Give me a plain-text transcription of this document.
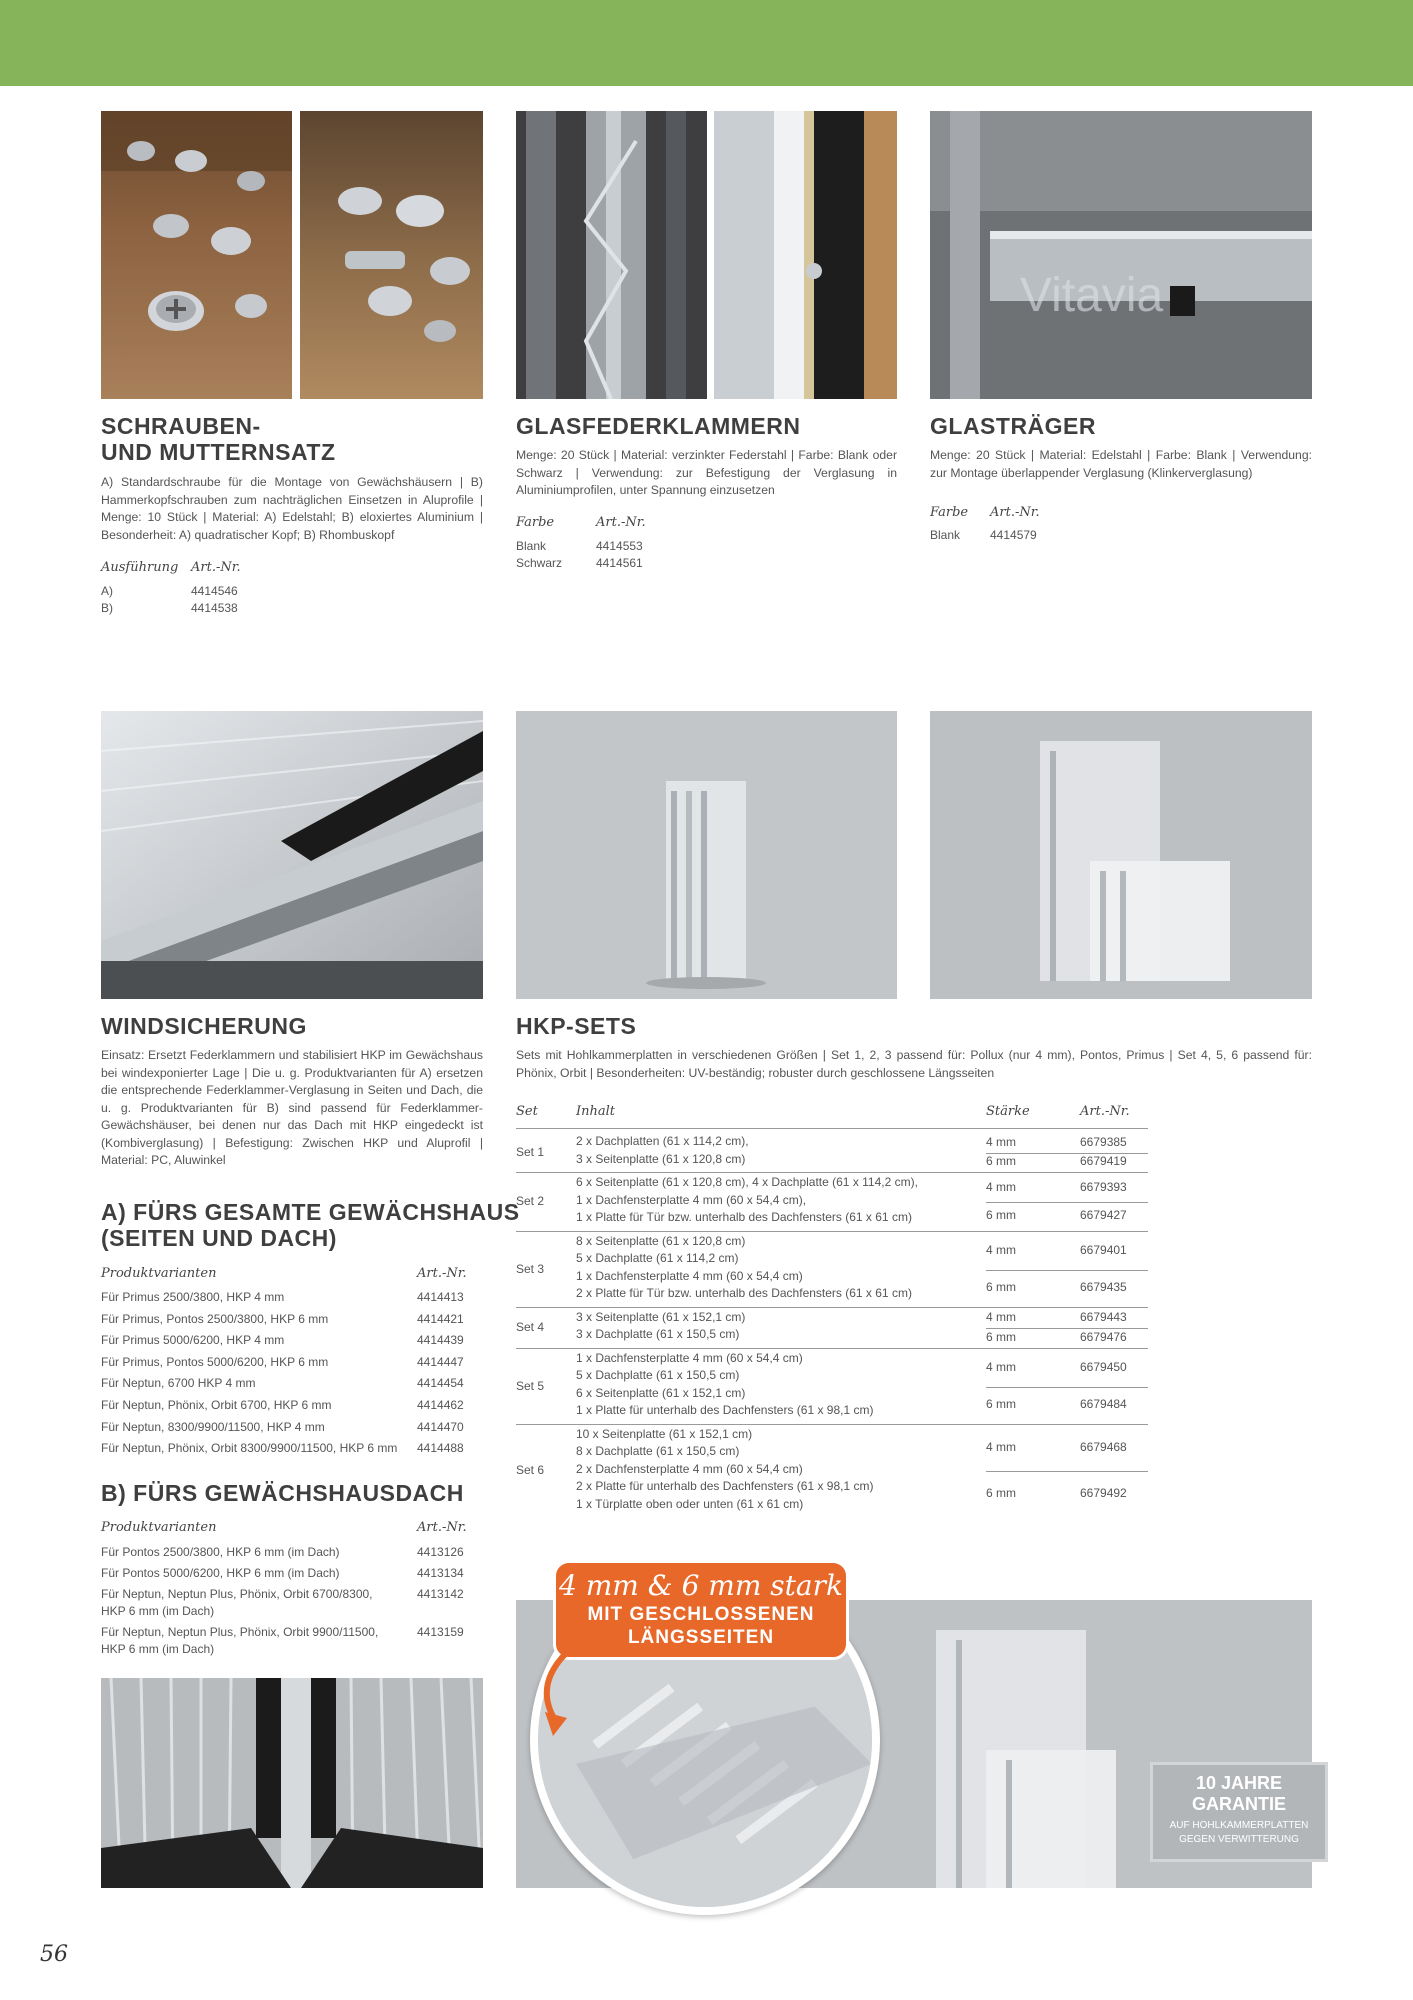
Vitavia
SCHRAUBEN-
UND MUTTERNSATZ

A) Standardschraube für die Montage von Gewächshäusern | B) Hammerkopfschrauben zum nachträglichen Einsetzen in Aluprofile | Menge: 10 Stück | Material: A) Edelstahl; B) eloxiertes Aluminium | Besonderheit: A) quadratischer Kopf; B) Rhombuskopf

Ausführung Art.-Nr.
A)	4414546
B)	4414538
GLASFEDERKLAMMERN

Menge: 20 Stück | Material: verzinkter Federstahl | Farbe: Blank oder Schwarz | Verwendung: zur Befestigung der Verglasung in Aluminiumprofilen, unter Spannung einzusetzen

Farbe	Art.-Nr.
Blank	4414553
Schwarz	4414561
GLASTRÄGER

Menge: 20 Stück | Material: Edelstahl | Farbe: Blank | Verwendung: zur Montage überlappender Verglasung (Klinkerverglasung)

Farbe Art.-Nr.
Blank 4414579
WINDSICHERUNG

Einsatz: Ersetzt Federklammern und stabilisiert HKP im Gewächshaus bei windexponierter Lage | Die u. g. Produktvarianten für A) ersetzen die entsprechende Federklammer-Verglasung in Seiten und Dach, die u. g. Produktvarianten für B) sind passend für Federklammer-Gewächshäuser, bei denen nur das Dach mit HKP eingedeckt ist (Kombiverglasung) | Befestigung: Zwischen HKP und Aluprofil | Material: PC, Aluwinkel

A) FÜRS GESAMTE GEWÄCHSHAUS
(SEITEN UND DACH)
Produktvarianten	Art.-Nr.
Für Primus 2500/3800, HKP 4 mm	4414413
Für Primus, Pontos 2500/3800, HKP 6 mm	4414421
Für Primus 5000/6200, HKP 4 mm	4414439
Für Primus, Pontos 5000/6200, HKP 6 mm	4414447
Für Neptun, 6700 HKP 4 mm	4414454
Für Neptun, Phönix, Orbit 6700, HKP 6 mm	4414462
Für Neptun, 8300/9900/11500, HKP 4 mm	4414470
Für Neptun, Phönix, Orbit 8300/9900/11500, HKP 6 mm 4414488
B) FÜRS GEWÄCHSHAUSDACH
Produktvarianten	Art.-Nr.
Für Pontos 2500/3800, HKP 6 mm (im Dach)	4413126
Für Pontos 5000/6200, HKP 6 mm (im Dach)	4413134
Für Neptun, Neptun Plus, Phönix, Orbit 6700/8300,
HKP 6 mm (im Dach)
4413142
Für Neptun, Neptun Plus, Phönix, Orbit 9900/11500,
HKP 6 mm (im Dach)
4413159
HKP-SETS

Sets mit Hohlkammerplatten in verschiedenen Größen | Set 1, 2, 3 passend für: Pollux (nur 4 mm), Pontos, Primus | Set 4, 5, 6 passend für: Phönix, Orbit | Besonderheiten: UV-beständig; robuster durch geschlossene Längsseiten

Set	Inhalt	Stärke	Art.-Nr.
Set 1
2 x Dachplatten (61 x 114,2 cm),
3 x Seitenplatte (61 x 120,8 cm)
4 mm	6679385
6 mm	6679419
Set 2
6 x Seitenplatte (61 x 120,8 cm), 4 x Dachplatte (61 x 114,2 cm),
1 x Dachfensterplatte 4 mm (60 x 54,4 cm),
1 x Platte für Tür bzw. unterhalb des Dachfensters (61 x 61 cm)
4 mm	6679393
6 mm	6679427
Set 3
8 x Seitenplatte (61 x 120,8 cm)
5 x Dachplatte (61 x 114,2 cm)
1 x Dachfensterplatte 4 mm (60 x 54,4 cm)
2 x Platte für Tür bzw. unterhalb des Dachfensters (61 x 61 cm)
4 mm	6679401
6 mm	6679435
Set 4
3 x Seitenplatte (61 x 152,1 cm)
3 x Dachplatte (61 x 150,5 cm)
4 mm	6679443
6 mm	6679476
Set 5
1 x Dachfensterplatte 4 mm (60 x 54,4 cm)
5 x Dachplatte (61 x 150,5 cm)
6 x Seitenplatte (61 x 152,1 cm)
1 x Platte für unterhalb des Dachfensters (61 x 98,1 cm)
4 mm	6679450
6 mm	6679484
Set 6
10 x Seitenplatte (61 x 152,1 cm)
8 x Dachplatte (61 x 150,5 cm)
2 x Dachfensterplatte 4 mm (60 x 54,4 cm)
2 x Platte für unterhalb des Dachfensters (61 x 98,1 cm)
1 x Türplatte oben oder unten (61 x 61 cm)
4 mm	6679468
6 mm	6679492
4 mm & 6 mm stark
MIT GESCHLOSSENEN
LÄNGSSEITEN
10 JAHRE
GARANTIE
AUF HOHLKAMMERPLATTEN
GEGEN VERWITTERUNG
56
